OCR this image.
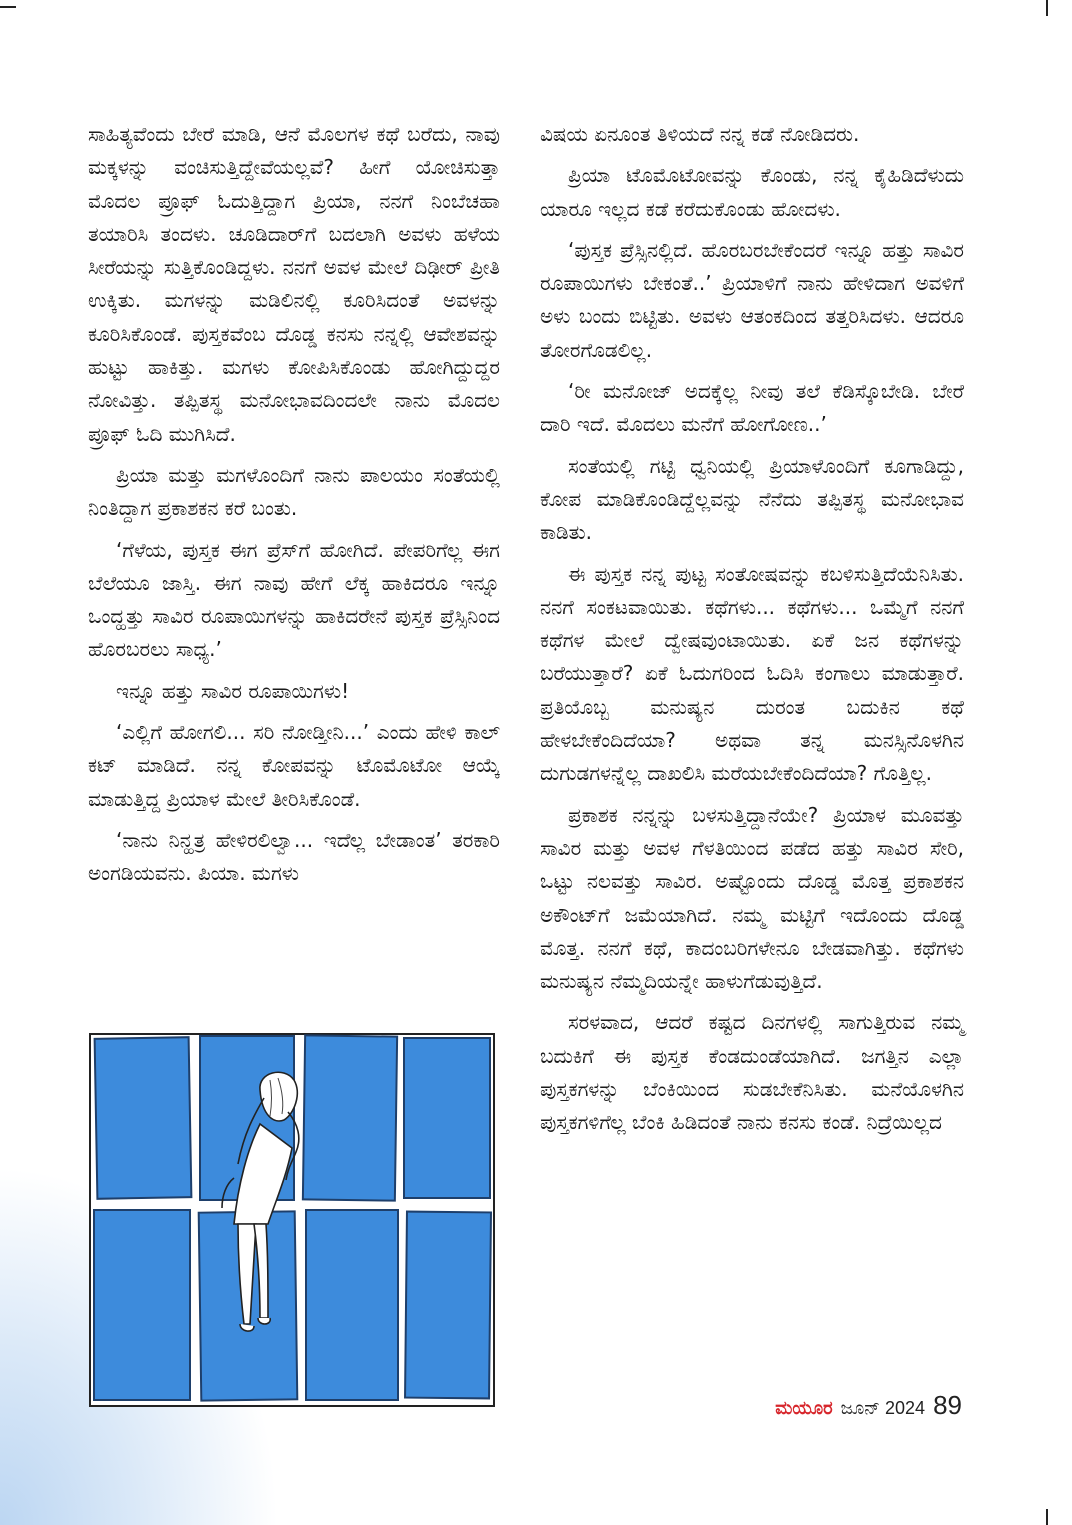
ಸಾಹಿತ್ಯವೆಂದು ಬೇರೆ ಮಾಡಿ, ಆನೆ ಮೊಲಗಳ ಕಥೆ ಬರೆದು, ನಾವು ಮಕ್ಕಳನ್ನು ವಂಚಿಸುತ್ತಿದ್ದೇವೆಯಲ್ಲವೆ? ಹೀಗೆ ಯೋಚಿಸುತ್ತಾ ಮೊದಲ ಪ್ರೂಫ್ ಓದುತ್ತಿದ್ದಾಗ ಪ್ರಿಯಾ, ನನಗೆ ನಿಂಬೆಚಹಾ ತಯಾರಿಸಿ ತಂದಳು. ಚೂಡಿದಾರ್‌ಗೆ ಬದಲಾಗಿ ಅವಳು ಹಳೆಯ ಸೀರೆಯನ್ನು ಸುತ್ತಿಕೊಂಡಿದ್ದಳು. ನನಗೆ ಅವಳ ಮೇಲೆ ದಿಢೀರ್ ಪ್ರೀತಿ ಉಕ್ಕಿತು. ಮಗಳನ್ನು ಮಡಿಲಿನಲ್ಲಿ ಕೂರಿಸಿದಂತೆ ಅವಳನ್ನು ಕೂರಿಸಿಕೊಂಡೆ. ಪುಸ್ತಕವೆಂಬ ದೊಡ್ಡ ಕನಸು ನನ್ನಲ್ಲಿ ಆವೇಶವನ್ನು ಹುಟ್ಟು ಹಾಕಿತ್ತು. ಮಗಳು ಕೋಪಿಸಿಕೊಂಡು ಹೋಗಿದ್ದುದ್ದರ ನೋವಿತ್ತು. ತಪ್ಪಿತಸ್ಥ ಮನೋಭಾವದಿಂದಲೇ ನಾನು ಮೊದಲ ಪ್ರೂಫ್ ಓದಿ ಮುಗಿಸಿದೆ.

ಪ್ರಿಯಾ ಮತ್ತು ಮಗಳೊಂದಿಗೆ ನಾನು ಪಾಲಯಂ ಸಂತೆಯಲ್ಲಿ ನಿಂತಿದ್ದಾಗ ಪ್ರಕಾಶಕನ ಕರೆ ಬಂತು.

‘ಗೆಳೆಯ, ಪುಸ್ತಕ ಈಗ ಪ್ರೆಸ್‌ಗೆ ಹೋಗಿದೆ. ಪೇಪರಿಗೆಲ್ಲ ಈಗ ಬೆಲೆಯೂ ಜಾಸ್ತಿ. ಈಗ ನಾವು ಹೇಗೆ ಲೆಕ್ಕ ಹಾಕಿದರೂ ಇನ್ನೂ ಒಂದ್ಹತ್ತು ಸಾವಿರ ರೂಪಾಯಿಗಳನ್ನು ಹಾಕಿದರೇನೆ ಪುಸ್ತಕ ಪ್ರೆಸ್ಸಿನಿಂದ ಹೊರಬರಲು ಸಾಧ್ಯ.’

ಇನ್ನೂ ಹತ್ತು ಸಾವಿರ ರೂಪಾಯಿಗಳು!

‘ಎಲ್ಲಿಗೆ ಹೋಗಲಿ... ಸರಿ ನೋಡ್ತೀನಿ...’ ಎಂದು ಹೇಳಿ ಕಾಲ್ ಕಟ್ ಮಾಡಿದೆ. ನನ್ನ ಕೋಪವನ್ನು ಟೊಮೊಟೋ ಆಯ್ಕೆ ಮಾಡುತ್ತಿದ್ದ ಪ್ರಿಯಾಳ ಮೇಲೆ ತೀರಿಸಿಕೊಂಡೆ.

‘ನಾನು ನಿನ್ಹತ್ರ ಹೇಳಿರಲಿಲ್ವಾ... ಇದೆಲ್ಲ ಬೇಡಾಂತ’ ತರಕಾರಿ ಅಂಗಡಿಯವನು. ಪಿಯಾ. ಮಗಳು

ವಿಷಯ ಏನೂಂತ ತಿಳಿಯದೆ ನನ್ನ ಕಡೆ ನೋಡಿದರು.

ಪ್ರಿಯಾ ಟೊಮೊಟೋವನ್ನು ಕೊಂಡು, ನನ್ನ ಕೈಹಿಡಿದೆಳುದು ಯಾರೂ ಇಲ್ಲದ ಕಡೆ ಕರೆದುಕೊಂಡು ಹೋದಳು.

‘ಪುಸ್ತಕ ಪ್ರೆಸ್ಸಿನಲ್ಲಿದೆ. ಹೊರಬರಬೇಕೆಂದರೆ ಇನ್ನೂ ಹತ್ತು ಸಾವಿರ ರೂಪಾಯಿಗಳು ಬೇಕಂತೆ..’ ಪ್ರಿಯಾಳಿಗೆ ನಾನು ಹೇಳಿದಾಗ ಅವಳಿಗೆ ಅಳು ಬಂದು ಬಿಟ್ಟಿತು. ಅವಳು ಆತಂಕದಿಂದ ತತ್ತರಿಸಿದಳು. ಆದರೂ ತೋರಗೊಡಲಿಲ್ಲ.

‘ರೀ ಮನೋಜ್ ಅದಕ್ಕೆಲ್ಲ ನೀವು ತಲೆ ಕೆಡಿಸ್ಕೊಬೇಡಿ. ಬೇರೆ ದಾರಿ ಇದೆ. ಮೊದಲು ಮನೆಗೆ ಹೋಗೋಣ..’

ಸಂತೆಯಲ್ಲಿ ಗಟ್ಟಿ ಧ್ವನಿಯಲ್ಲಿ ಪ್ರಿಯಾಳೊಂದಿಗೆ ಕೂಗಾಡಿದ್ದು, ಕೋಪ ಮಾಡಿಕೊಂಡಿದ್ದೆಲ್ಲವನ್ನು ನೆನೆದು ತಪ್ಪಿತಸ್ಥ ಮನೋಭಾವ ಕಾಡಿತು.

ಈ ಪುಸ್ತಕ ನನ್ನ ಪುಟ್ಟ ಸಂತೋಷವನ್ನು ಕಬಳಿಸುತ್ತಿದೆಯೆನಿಸಿತು. ನನಗೆ ಸಂಕಟವಾಯಿತು. ಕಥೆಗಳು... ಕಥೆಗಳು... ಒಮ್ಮೆಗೆ ನನಗೆ ಕಥೆಗಳ ಮೇಲೆ ದ್ವೇಷವುಂಟಾಯಿತು. ಏಕೆ ಜನ ಕಥೆಗಳನ್ನು ಬರೆಯುತ್ತಾರೆ? ಏಕೆ ಓದುಗರಿಂದ ಓದಿಸಿ ಕಂಗಾಲು ಮಾಡುತ್ತಾರೆ. ಪ್ರತಿಯೊಬ್ಬ ಮನುಷ್ಯನ ದುರಂತ ಬದುಕಿನ ಕಥೆ ಹೇಳಬೇಕೆಂದಿದೆಯಾ? ಅಥವಾ ತನ್ನ ಮನಸ್ಸಿನೊಳಗಿನ ದುಗುಡಗಳನ್ನೆಲ್ಲ ದಾಖಲಿಸಿ ಮರೆಯಬೇಕೆಂದಿದೆಯಾ? ಗೊತ್ತಿಲ್ಲ.

ಪ್ರಕಾಶಕ ನನ್ನನ್ನು ಬಳಸುತ್ತಿದ್ದಾನೆಯೇ? ಪ್ರಿಯಾಳ ಮೂವತ್ತು ಸಾವಿರ ಮತ್ತು ಅವಳ ಗೆಳತಿಯಿಂದ ಪಡೆದ ಹತ್ತು ಸಾವಿರ ಸೇರಿ, ಒಟ್ಟು ನಲವತ್ತು ಸಾವಿರ. ಅಷ್ಟೊಂದು ದೊಡ್ಡ ಮೊತ್ತ ಪ್ರಕಾಶಕನ ಅಕೌಂಟ್‌ಗೆ ಜಮೆಯಾಗಿದೆ. ನಮ್ಮ ಮಟ್ಟಿಗೆ ಇದೊಂದು ದೊಡ್ಡ ಮೊತ್ತ. ನನಗೆ ಕಥೆ, ಕಾದಂಬರಿಗಳೇನೂ ಬೇಡವಾಗಿತ್ತು. ಕಥೆಗಳು ಮನುಷ್ಯನ ನೆಮ್ಮದಿಯನ್ನೇ ಹಾಳುಗೆಡುವುತ್ತಿದೆ.

ಸರಳವಾದ, ಆದರೆ ಕಷ್ಟದ ದಿನಗಳಲ್ಲಿ ಸಾಗುತ್ತಿರುವ ನಮ್ಮ ಬದುಕಿಗೆ ಈ ಪುಸ್ತಕ ಕೆಂಡದುಂಡೆಯಾಗಿದೆ. ಜಗತ್ತಿನ ಎಲ್ಲಾ ಪುಸ್ತಕಗಳನ್ನು ಬೆಂಕಿಯಿಂದ ಸುಡಬೇಕೆನಿಸಿತು. ಮನೆಯೊಳಗಿನ ಪುಸ್ತಕಗಳಿಗೆಲ್ಲ ಬೆಂಕಿ ಹಿಡಿದಂತೆ ನಾನು ಕನಸು ಕಂಡೆ. ನಿದ್ರೆಯಿಲ್ಲದ

ಮಯೂರ ಜೂನ್ 2024 89
